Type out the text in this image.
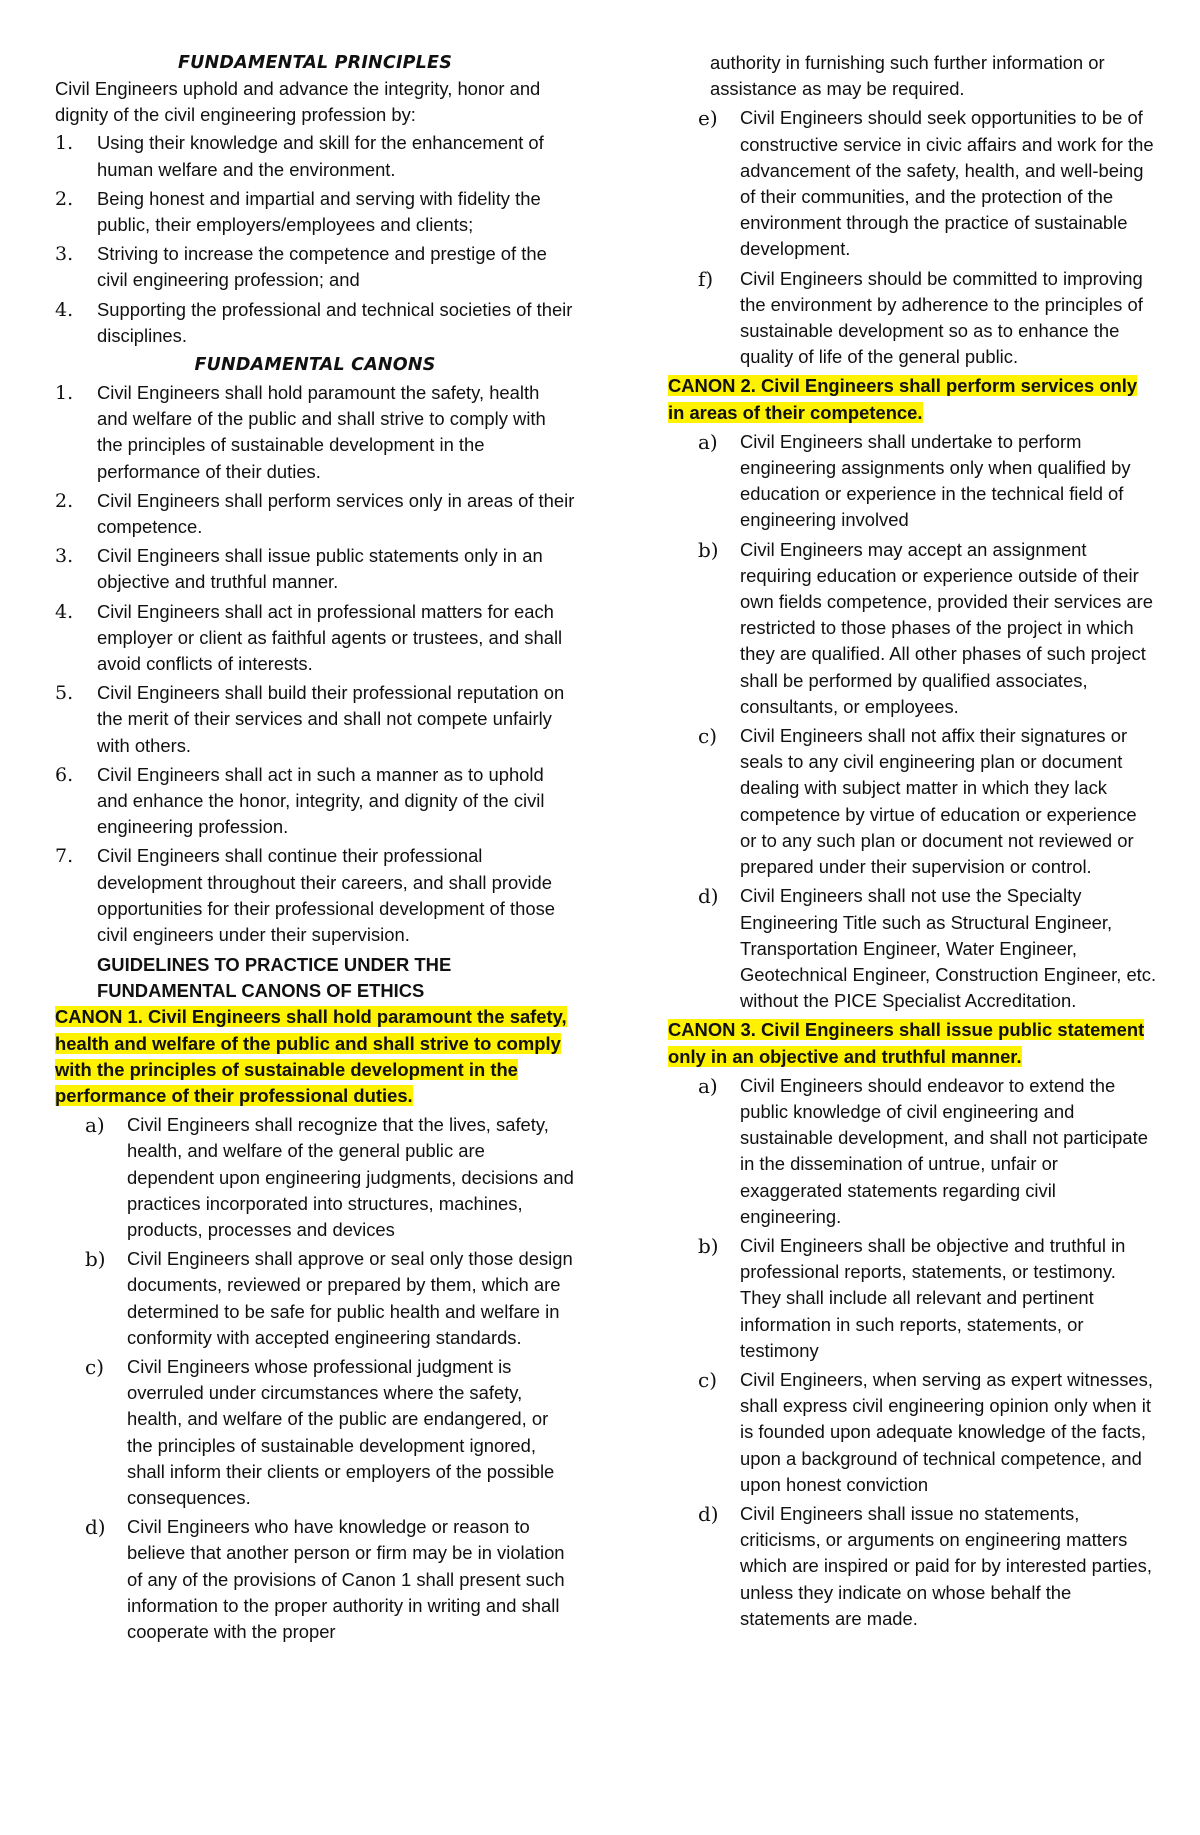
FUNDAMENTAL PRINCIPLES

Civil Engineers uphold and advance the integrity, honor and dignity of the civil engineering profession by:

1.	Using their knowledge and skill for the enhancement of human welfare and the environment.
2.	Being honest and impartial and serving with fidelity the public, their employers/employees and clients;
3.	Striving to increase the competence and prestige of the civil engineering profession; and
4.	Supporting the professional and technical societies of their disciplines.

FUNDAMENTAL CANONS

1.	Civil Engineers shall hold paramount the safety, health and welfare of the public and shall strive to comply with the principles of sustainable development in the performance of their duties.
2.	Civil Engineers shall perform services only in areas of their competence.
3.	Civil Engineers shall issue public statements only in an objective and truthful manner.
4.	Civil Engineers shall act in professional matters for each employer or client as faithful agents or trustees, and shall avoid conflicts of interests.
5.	Civil Engineers shall build their professional reputation on the merit of their services and shall not compete unfairly with others.
6.	Civil Engineers shall act in such a manner as to uphold and enhance the honor, integrity, and dignity of the civil engineering profession.
7.	Civil Engineers shall continue their professional development throughout their careers, and shall provide opportunities for their professional development of those civil engineers under their supervision.

GUIDELINES TO PRACTICE UNDER THE FUNDAMENTAL CANONS OF ETHICS

CANON 1. Civil Engineers shall hold paramount the safety, health and welfare of the public and shall strive to comply with the principles of sustainable development in the performance of their professional duties.

a)	Civil Engineers shall recognize that the lives, safety, health, and welfare of the general public are dependent upon engineering judgments, decisions and practices incorporated into structures, machines, products, processes and devices
b)	Civil Engineers shall approve or seal only those design documents, reviewed or prepared by them, which are determined to be safe for public health and welfare in conformity with accepted engineering standards.
c)	Civil Engineers whose professional judgment is overruled under circumstances where the safety, health, and welfare of the public are endangered, or the principles of sustainable development ignored, shall inform their clients or employers of the possible consequences.
d)	Civil Engineers who have knowledge or reason to believe that another person or firm may be in violation of any of the provisions of Canon 1 shall present such information to the proper authority in writing and shall cooperate with the proper

authority in furnishing such further information or assistance as may be required.

e)	Civil Engineers should seek opportunities to be of constructive service in civic affairs and work for the advancement of the safety, health, and well-being of their communities, and the protection of the environment through the practice of sustainable development.
f)	Civil Engineers should be committed to improving the environment by adherence to the principles of sustainable development so as to enhance the quality of life of the general public.

CANON 2. Civil Engineers shall perform services only in areas of their competence.

a)	Civil Engineers shall undertake to perform engineering assignments only when qualified by education or experience in the technical field of engineering involved
b)	Civil Engineers may accept an assignment requiring education or experience outside of their own fields competence, provided their services are restricted to those phases of the project in which they are qualified. All other phases of such project shall be performed by qualified associates, consultants, or employees.
c)	Civil Engineers shall not affix their signatures or seals to any civil engineering plan or document dealing with subject matter in which they lack competence by virtue of education or experience or to any such plan or document not reviewed or prepared under their supervision or control.
d)	Civil Engineers shall not use the Specialty Engineering Title such as Structural Engineer, Transportation Engineer, Water Engineer, Geotechnical Engineer, Construction Engineer, etc. without the PICE Specialist Accreditation.

CANON 3. Civil Engineers shall issue public statement only in an objective and truthful manner.

a)	Civil Engineers should endeavor to extend the public knowledge of civil engineering and sustainable development, and shall not participate in the dissemination of untrue, unfair or exaggerated statements regarding civil engineering.
b)	Civil Engineers shall be objective and truthful in professional reports, statements, or testimony. They shall include all relevant and pertinent information in such reports, statements, or testimony
c)	Civil Engineers, when serving as expert witnesses, shall express civil engineering opinion only when it is founded upon adequate knowledge of the facts, upon a background of technical competence, and upon honest conviction
d)	Civil Engineers shall issue no statements, criticisms, or arguments on engineering matters which are inspired or paid for by interested parties, unless they indicate on whose behalf the statements are made.
